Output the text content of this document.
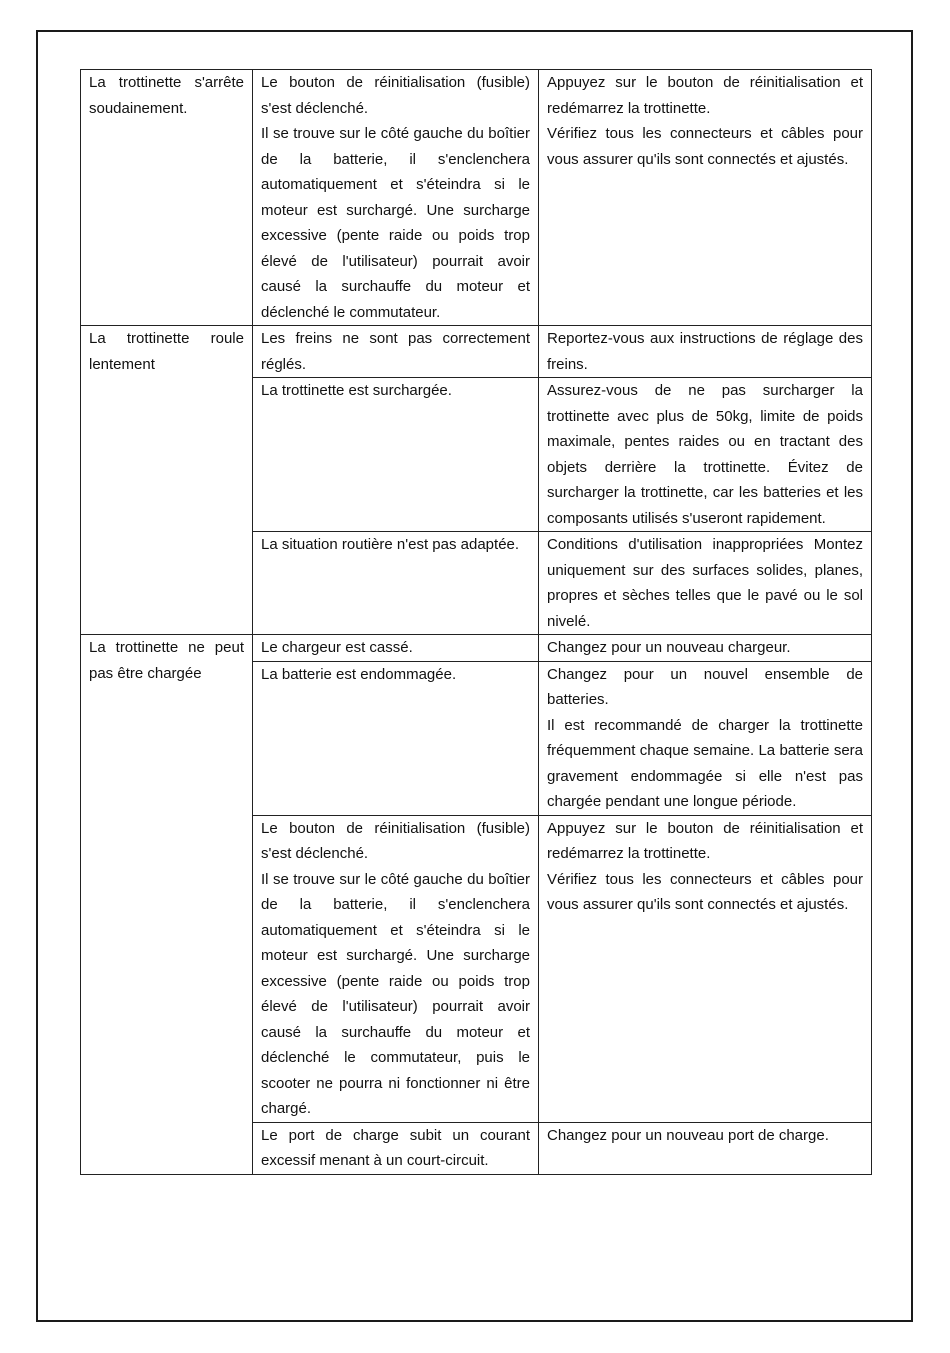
La trottinette s'arrête soudainement.	Le bouton de réinitialisation (fusible) s'est déclenché.
Il se trouve sur le côté gauche du boîtier de la batterie, il s'enclenchera automatiquement et s'éteindra si le moteur est surchargé. Une surcharge excessive (pente raide ou poids trop élevé de l'utilisateur) pourrait avoir causé la surchauffe du moteur et déclenché le commutateur.	Appuyez sur le bouton de réinitialisation et redémarrez la trottinette.
Vérifiez tous les connecteurs et câbles pour vous assurer qu'ils sont connectés et ajustés.

La trottinette roule lentement	Les freins ne sont pas correctement réglés.	Reportez-vous aux instructions de réglage des freins.

	La trottinette est surchargée.	Assurez-vous de ne pas surcharger la trottinette avec plus de 50kg, limite de poids maximale, pentes raides ou en tractant des objets derrière la trottinette. Évitez de surcharger la trottinette, car les batteries et les composants utilisés s'useront rapidement.

	La situation routière n'est pas adaptée.	Conditions d'utilisation inappropriées Montez uniquement sur des surfaces solides, planes, propres et sèches telles que le pavé ou le sol nivelé.

La trottinette ne peut pas être chargée	Le chargeur est cassé.	Changez pour un nouveau chargeur.

	La batterie est endommagée.	Changez pour un nouvel ensemble de batteries.
Il est recommandé de charger la trottinette fréquemment chaque semaine. La batterie sera gravement endommagée si elle n'est pas chargée pendant une longue période.

	Le bouton de réinitialisation (fusible) s'est déclenché.
Il se trouve sur le côté gauche du boîtier de la batterie, il s'enclenchera automatiquement et s'éteindra si le moteur est surchargé. Une surcharge excessive (pente raide ou poids trop élevé de l'utilisateur) pourrait avoir causé la surchauffe du moteur et déclenché le commutateur, puis le scooter ne pourra ni fonctionner ni être chargé.	Appuyez sur le bouton de réinitialisation et redémarrez la trottinette.
Vérifiez tous les connecteurs et câbles pour vous assurer qu'ils sont connectés et ajustés.

	Le port de charge subit un courant excessif menant à un court-circuit.	Changez pour un nouveau port de charge.
